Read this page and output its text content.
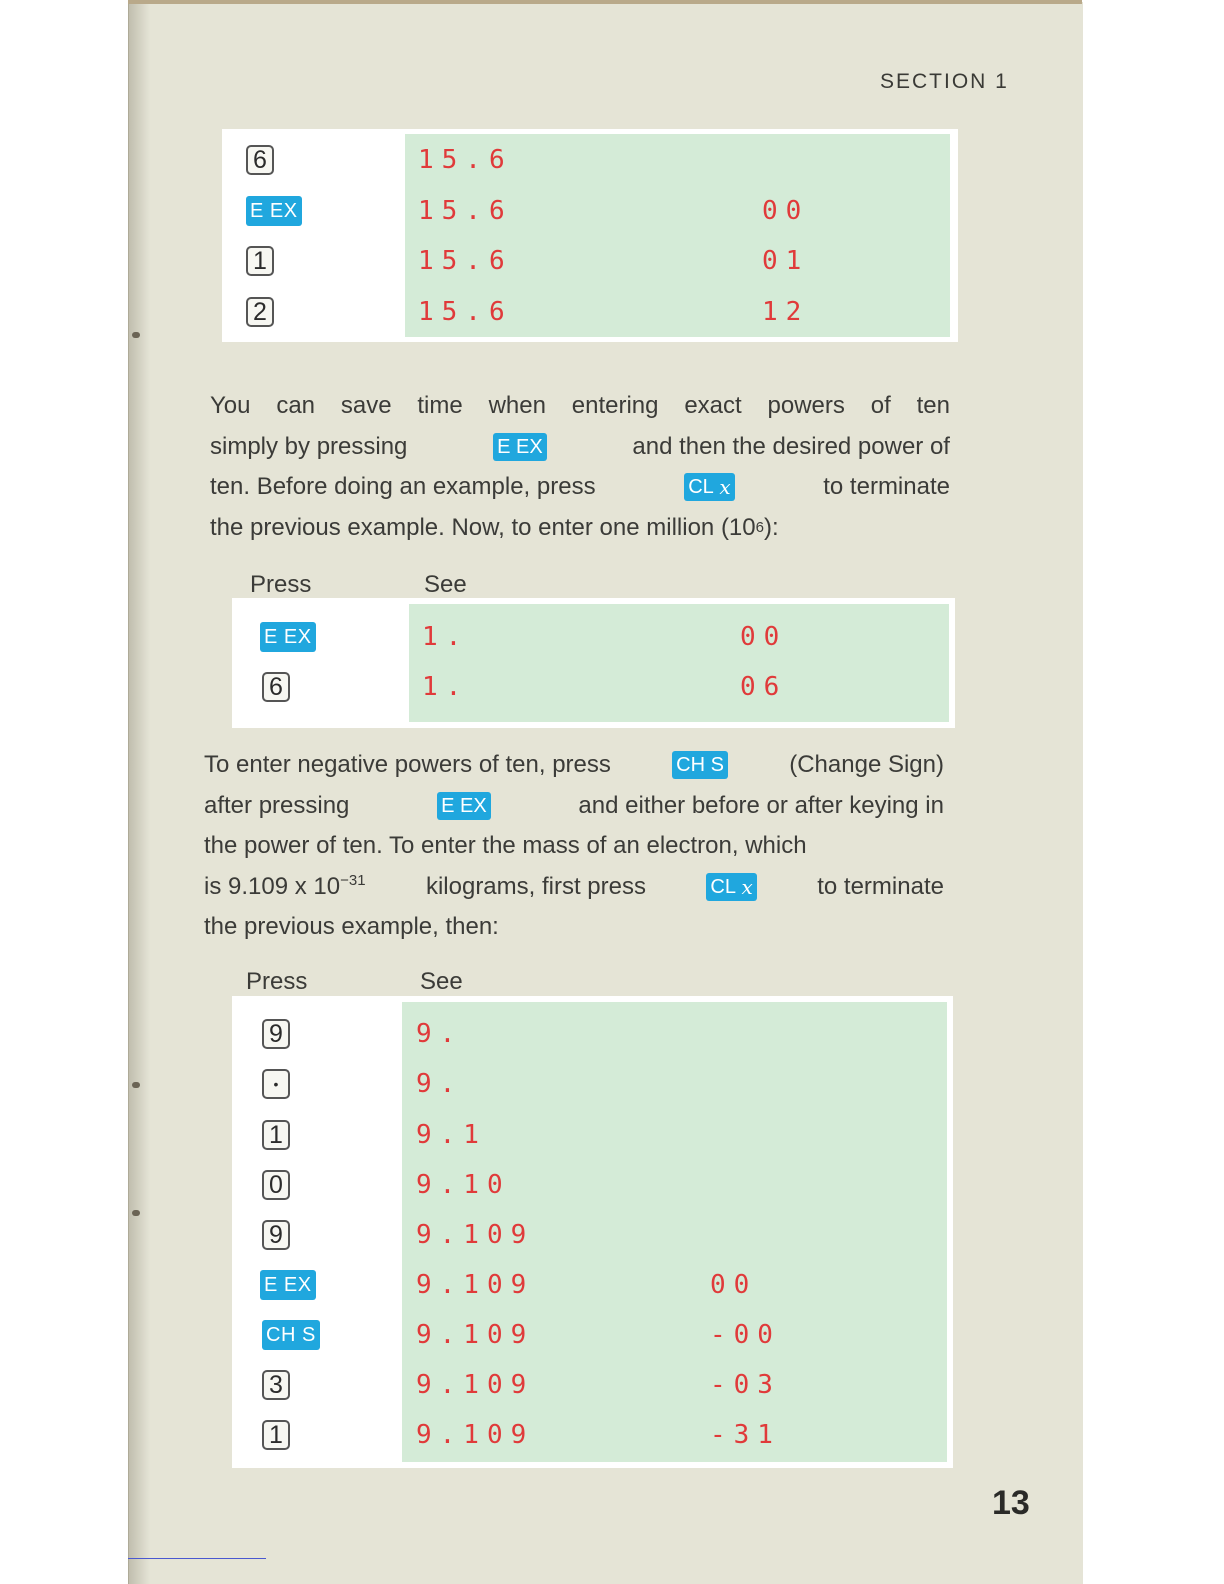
SECTION 1
6	15.6
E EX	15.6	00
1	15.6	01
2	15.6	12
You can save time when entering exact powers of ten
simply by pressing	E EX	and then the desired power of
ten. Before doing an example, press	CL
x	to terminate
the previous example. Now, to enter one million (10 6 ):
Press	See
E EX	1.	00
6	1.	06
To enter negative powers of ten, press	CH S	(Change Sign)
after pressing	E EX	and either before or after keying in
the power of ten. To enter the mass of an electron, which
is 9.109 x $10^{-31}$	kilograms, first press	CL
x	to terminate
the previous example, then:
Press	See
9	9.
•	9.
1	9.1
0	9.10
9	9.109
E EX	9.109	00
CH S	9.109	-00
3	9.109	-03
1	9.109	-31
13
